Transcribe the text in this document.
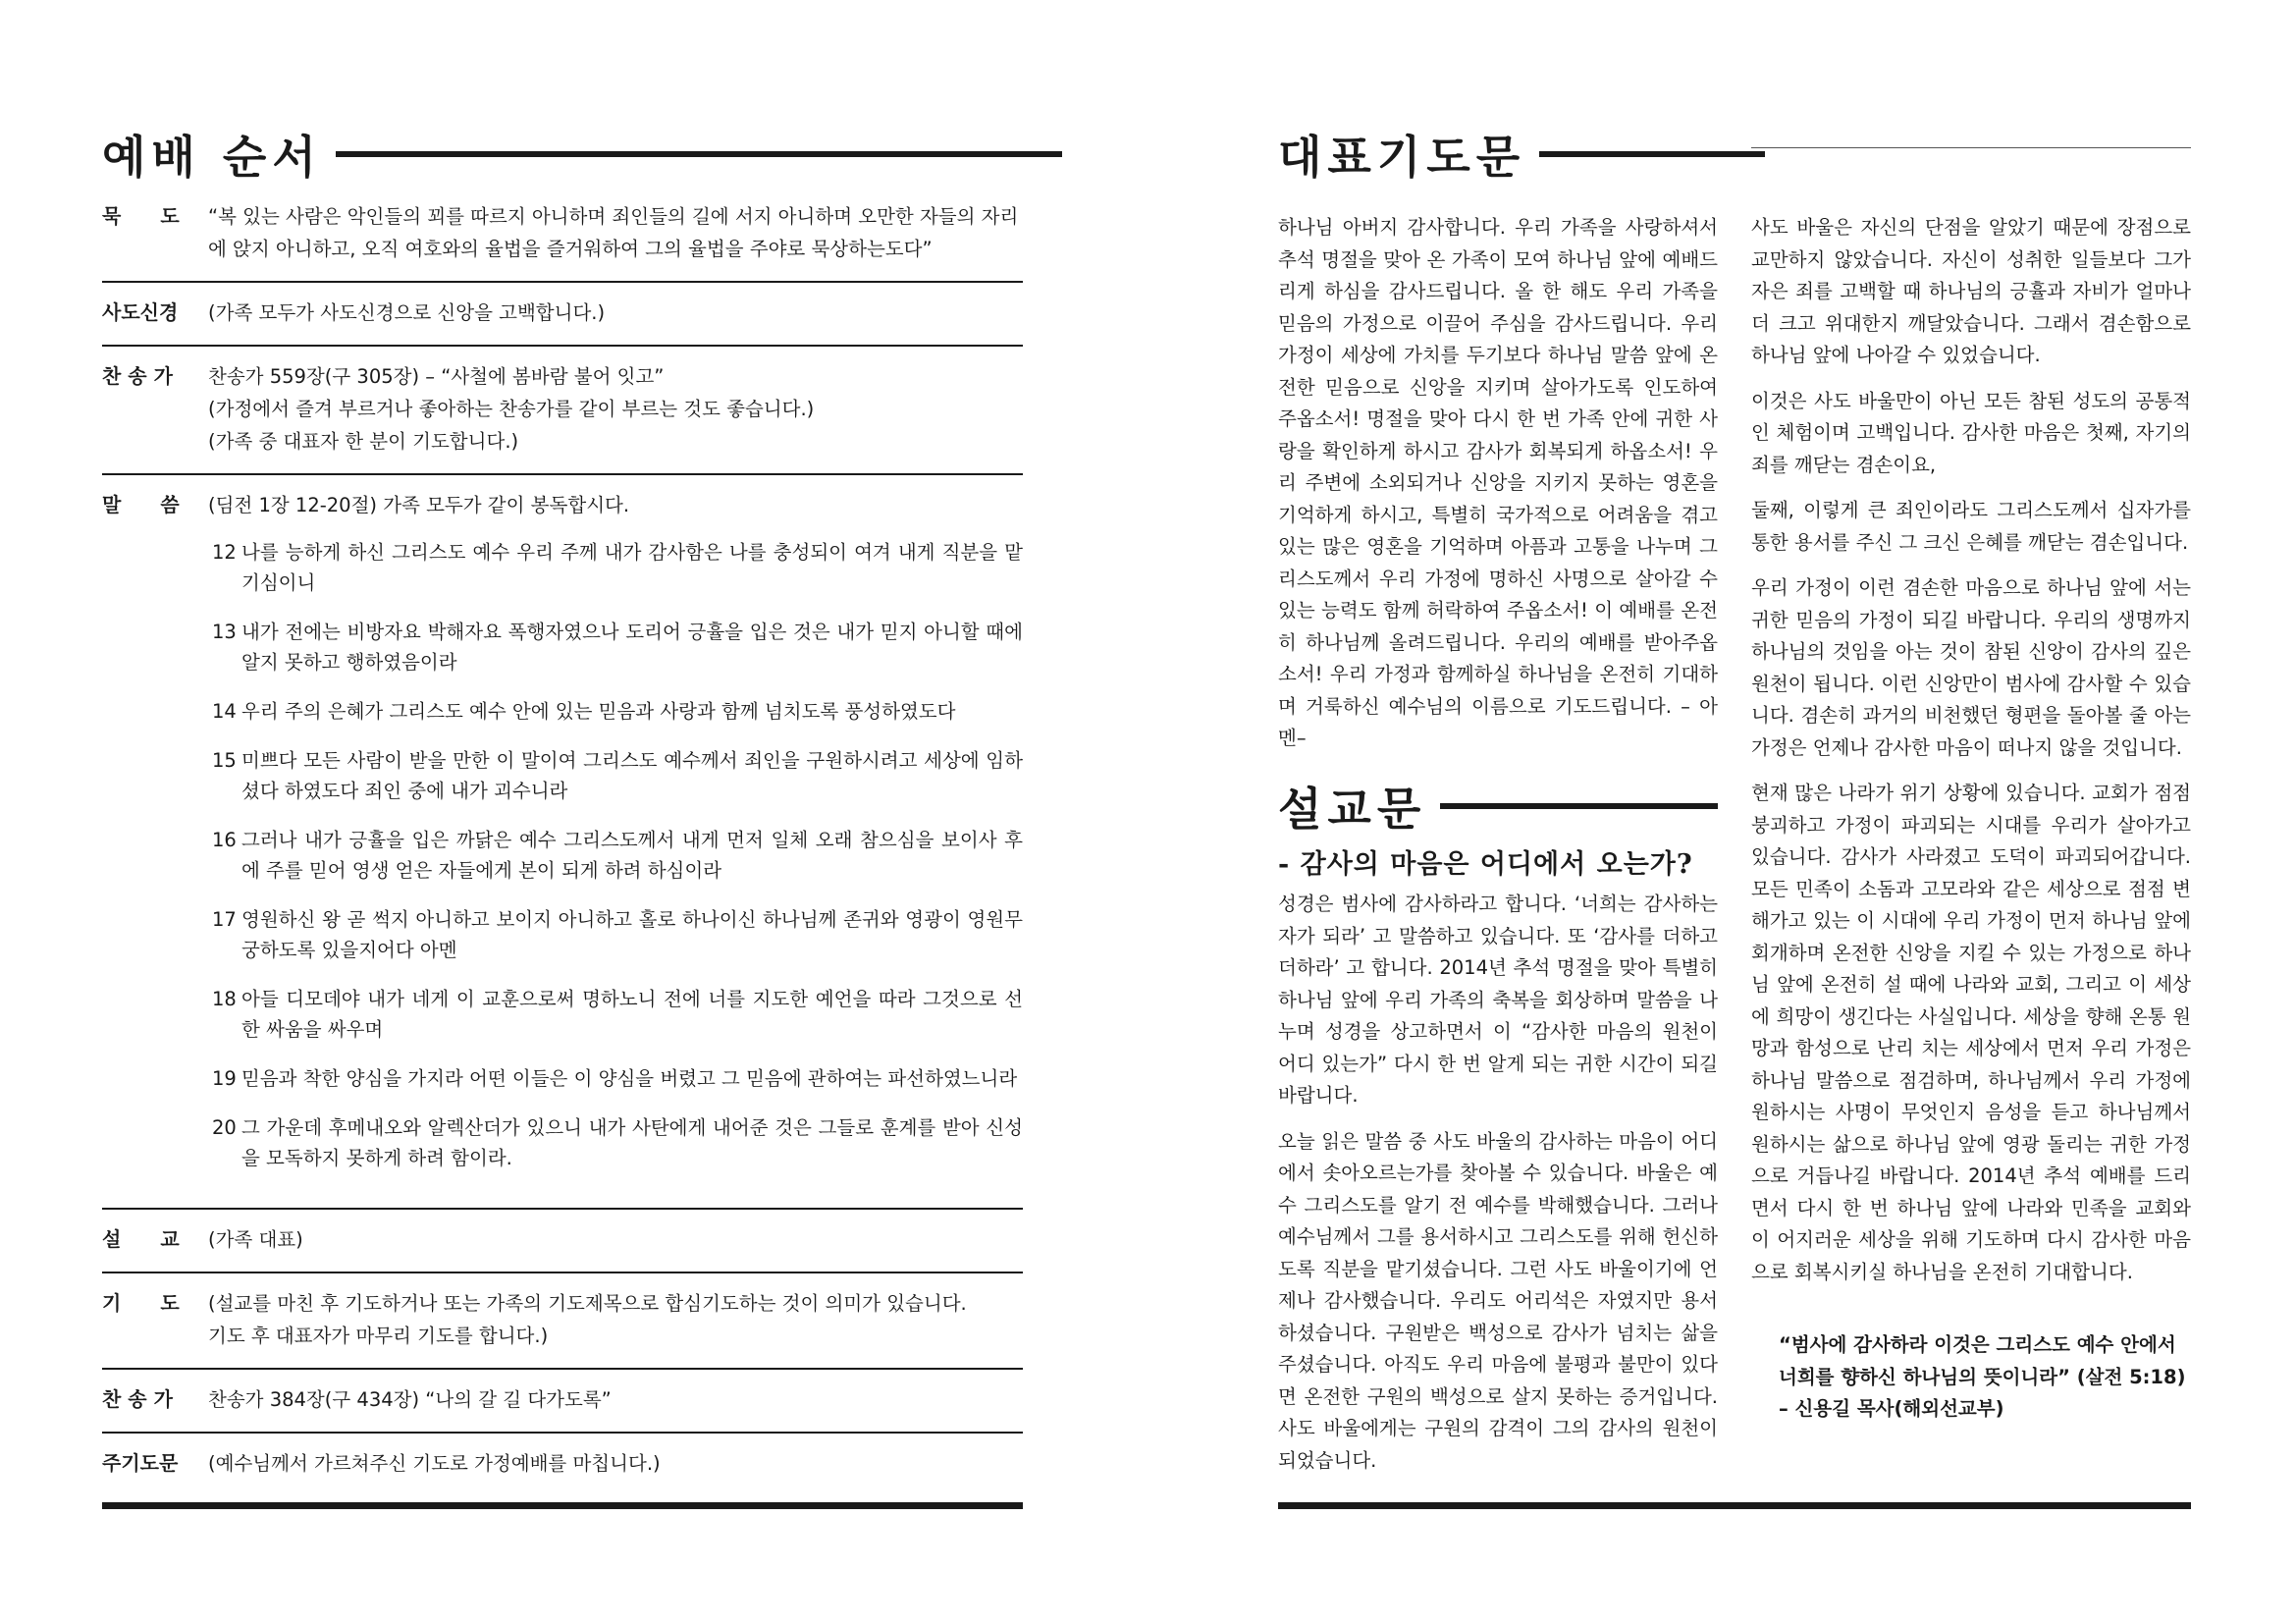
예배 순서
묵　　도	“복 있는 사람은 악인들의 꾀를 따르지 아니하며 죄인들의 길에 서지 아니하며 오만한 자들의 자리에 앉지 아니하고, 오직 여호와의 율법을 즐거워하여 그의 율법을 주야로 묵상하는도다”

사도신경	(가족 모두가 사도신경으로 신앙을 고백합니다.)

찬 송 가	찬송가 559장(구 305장) – “사철에 봄바람 불어 잇고”

(가정에서 즐겨 부르거나 좋아하는 찬송가를 같이 부르는 것도 좋습니다.)

(가족 중 대표자 한 분이 기도합니다.)

말　　씀	(딤전 1장 12-20절) 가족 모두가 같이 봉독합시다.

12 나를 능하게 하신 그리스도 예수 우리 주께 내가 감사함은 나를 충성되이 여겨 내게 직분을 맡기심이니
13 내가 전에는 비방자요 박해자요 폭행자였으나 도리어 긍휼을 입은 것은 내가 믿지 아니할 때에 알지 못하고 행하였음이라
14 우리 주의 은혜가 그리스도 예수 안에 있는 믿음과 사랑과 함께 넘치도록 풍성하였도다
15 미쁘다 모든 사람이 받을 만한 이 말이여 그리스도 예수께서 죄인을 구원하시려고 세상에 임하셨다 하였도다 죄인 중에 내가 괴수니라
16 그러나 내가 긍휼을 입은 까닭은 예수 그리스도께서 내게 먼저 일체 오래 참으심을 보이사 후에 주를 믿어 영생 얻은 자들에게 본이 되게 하려 하심이라
17 영원하신 왕 곧 썩지 아니하고 보이지 아니하고 홀로 하나이신 하나님께 존귀와 영광이 영원무궁하도록 있을지어다 아멘
18 아들 디모데야 내가 네게 이 교훈으로써 명하노니 전에 너를 지도한 예언을 따라 그것으로 선한 싸움을 싸우며
19 믿음과 착한 양심을 가지라 어떤 이들은 이 양심을 버렸고 그 믿음에 관하여는 파선하였느니라
20 그 가운데 후메내오와 알렉산더가 있으니 내가 사탄에게 내어준 것은 그들로 훈계를 받아 신성을 모독하지 못하게 하려 함이라.
설　　교	(가족 대표)

기　　도	(설교를 마친 후 기도하거나 또는 가족의 기도제목으로 합심기도하는 것이 의미가 있습니다.

기도 후 대표자가 마무리 기도를 합니다.)

찬 송 가	찬송가 384장(구 434장) “나의 갈 길 다가도록”

주기도문	(예수님께서 가르쳐주신 기도로 가정예배를 마칩니다.)

대표기도문

하나님 아버지 감사합니다. 우리 가족을 사랑하셔서 추석 명절을 맞아 온 가족이 모여 하나님 앞에 예배드리게 하심을 감사드립니다. 올 한 해도 우리 가족을 믿음의 가정으로 이끌어 주심을 감사드립니다. 우리 가정이 세상에 가치를 두기보다 하나님 말씀 앞에 온전한 믿음으로 신앙을 지키며 살아가도록 인도하여 주옵소서! 명절을 맞아 다시 한 번 가족 안에 귀한 사랑을 확인하게 하시고 감사가 회복되게 하옵소서! 우리 주변에 소외되거나 신앙을 지키지 못하는 영혼을 기억하게 하시고, 특별히 국가적으로 어려움을 겪고 있는 많은 영혼을 기억하며 아픔과 고통을 나누며 그리스도께서 우리 가정에 명하신 사명으로 살아갈 수 있는 능력도 함께 허락하여 주옵소서! 이 예배를 온전히 하나님께 올려드립니다. 우리의 예배를 받아주옵소서! 우리 가정과 함께하실 하나님을 온전히 기대하며 거룩하신 예수님의 이름으로 기도드립니다. – 아멘–

설교문
- 감사의 마음은 어디에서 오는가?

성경은 범사에 감사하라고 합니다. ‘너희는 감사하는 자가 되라’ 고 말씀하고 있습니다. 또 ‘감사를 더하고 더하라’ 고 합니다. 2014년 추석 명절을 맞아 특별히 하나님 앞에 우리 가족의 축복을 회상하며 말씀을 나누며 성경을 상고하면서 이 “감사한 마음의 원천이 어디 있는가” 다시 한 번 알게 되는 귀한 시간이 되길 바랍니다.

오늘 읽은 말씀 중 사도 바울의 감사하는 마음이 어디에서 솟아오르는가를 찾아볼 수 있습니다. 바울은 예수 그리스도를 알기 전 예수를 박해했습니다. 그러나 예수님께서 그를 용서하시고 그리스도를 위해 헌신하도록 직분을 맡기셨습니다. 그런 사도 바울이기에 언제나 감사했습니다. 우리도 어리석은 자였지만 용서하셨습니다. 구원받은 백성으로 감사가 넘치는 삶을 주셨습니다. 아직도 우리 마음에 불평과 불만이 있다면 온전한 구원의 백성으로 살지 못하는 증거입니다. 사도 바울에게는 구원의 감격이 그의 감사의 원천이 되었습니다.

사도 바울은 자신의 단점을 알았기 때문에 장점으로 교만하지 않았습니다. 자신이 성취한 일들보다 그가 자은 죄를 고백할 때 하나님의 긍휼과 자비가 얼마나 더 크고 위대한지 깨달았습니다. 그래서 겸손함으로 하나님 앞에 나아갈 수 있었습니다.

이것은 사도 바울만이 아닌 모든 참된 성도의 공통적인 체험이며 고백입니다. 감사한 마음은 첫째, 자기의 죄를 깨닫는 겸손이요,

둘째, 이렇게 큰 죄인이라도 그리스도께서 십자가를 통한 용서를 주신 그 크신 은혜를 깨닫는 겸손입니다.

우리 가정이 이런 겸손한 마음으로 하나님 앞에 서는 귀한 믿음의 가정이 되길 바랍니다. 우리의 생명까지 하나님의 것임을 아는 것이 참된 신앙이 감사의 깊은 원천이 됩니다. 이런 신앙만이 범사에 감사할 수 있습니다. 겸손히 과거의 비천했던 형편을 돌아볼 줄 아는 가정은 언제나 감사한 마음이 떠나지 않을 것입니다.

현재 많은 나라가 위기 상황에 있습니다. 교회가 점점 붕괴하고 가정이 파괴되는 시대를 우리가 살아가고 있습니다. 감사가 사라졌고 도덕이 파괴되어갑니다. 모든 민족이 소돔과 고모라와 같은 세상으로 점점 변해가고 있는 이 시대에 우리 가정이 먼저 하나님 앞에 회개하며 온전한 신앙을 지킬 수 있는 가정으로 하나님 앞에 온전히 설 때에 나라와 교회, 그리고 이 세상에 희망이 생긴다는 사실입니다. 세상을 향해 온통 원망과 함성으로 난리 치는 세상에서 먼저 우리 가정은 하나님 말씀으로 점검하며, 하나님께서 우리 가정에 원하시는 사명이 무엇인지 음성을 듣고 하나님께서 원하시는 삶으로 하나님 앞에 영광 돌리는 귀한 가정으로 거듭나길 바랍니다. 2014년 추석 예배를 드리면서 다시 한 번 하나님 앞에 나라와 민족을 교회와 이 어지러운 세상을 위해 기도하며 다시 감사한 마음으로 회복시키실 하나님을 온전히 기대합니다.

“범사에 감사하라 이것은 그리스도 예수 안에서

너희를 향하신 하나님의 뜻이니라” (살전 5:18)

– 신용길 목사(해외선교부)
